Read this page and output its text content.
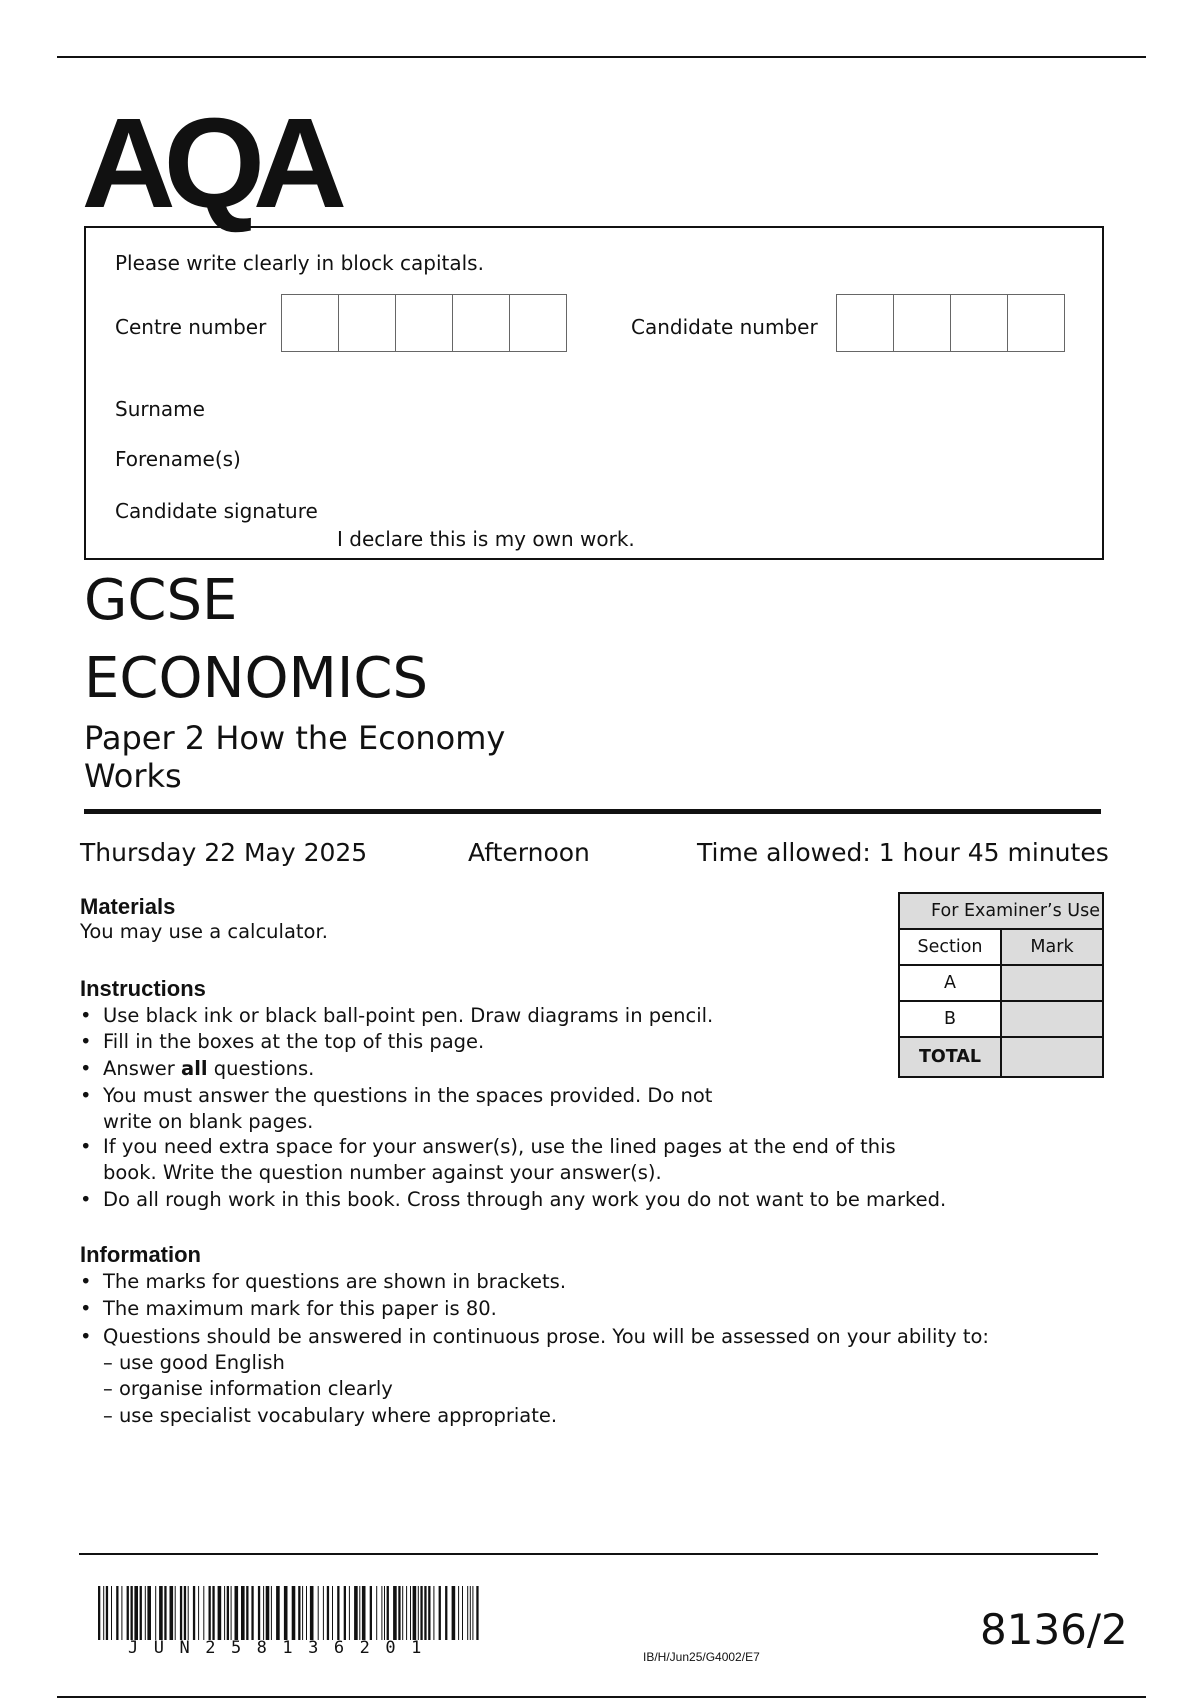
AQA
Please write clearly in block capitals.
Centre number	Candidate number
Surname
Forename(s)
Candidate signature
I declare this is my own work.
GCSE
ECONOMICS
Paper 2 How the Economy
Works
Thursday 22 May 2025	Afternoon	Time allowed: 1 hour 45 minutes
Materials
You may use a calculator.
Instructions
• Use black ink or black ball-point pen. Draw diagrams in pencil.
• Fill in the boxes at the top of this page.
• Answer all questions.
• You must answer the questions in the spaces provided. Do not
write on blank pages.
• If you need extra space for your answer(s), use the lined pages at the end of this
book. Write the question number against your answer(s).
• Do all rough work in this book. Cross through any work you do not want to be marked.
Information
• The marks for questions are shown in brackets.
• The maximum mark for this paper is 80.
• Questions should be answered in continuous prose. You will be assessed on your ability to:
– use good English
– organise information clearly
– use specialist vocabulary where appropriate.
For Examiner’s Use	
Section	Mark
A	
B	
TOTAL	
JUN258136201	IB/H/Jun25/G4002/E7
8136/2
